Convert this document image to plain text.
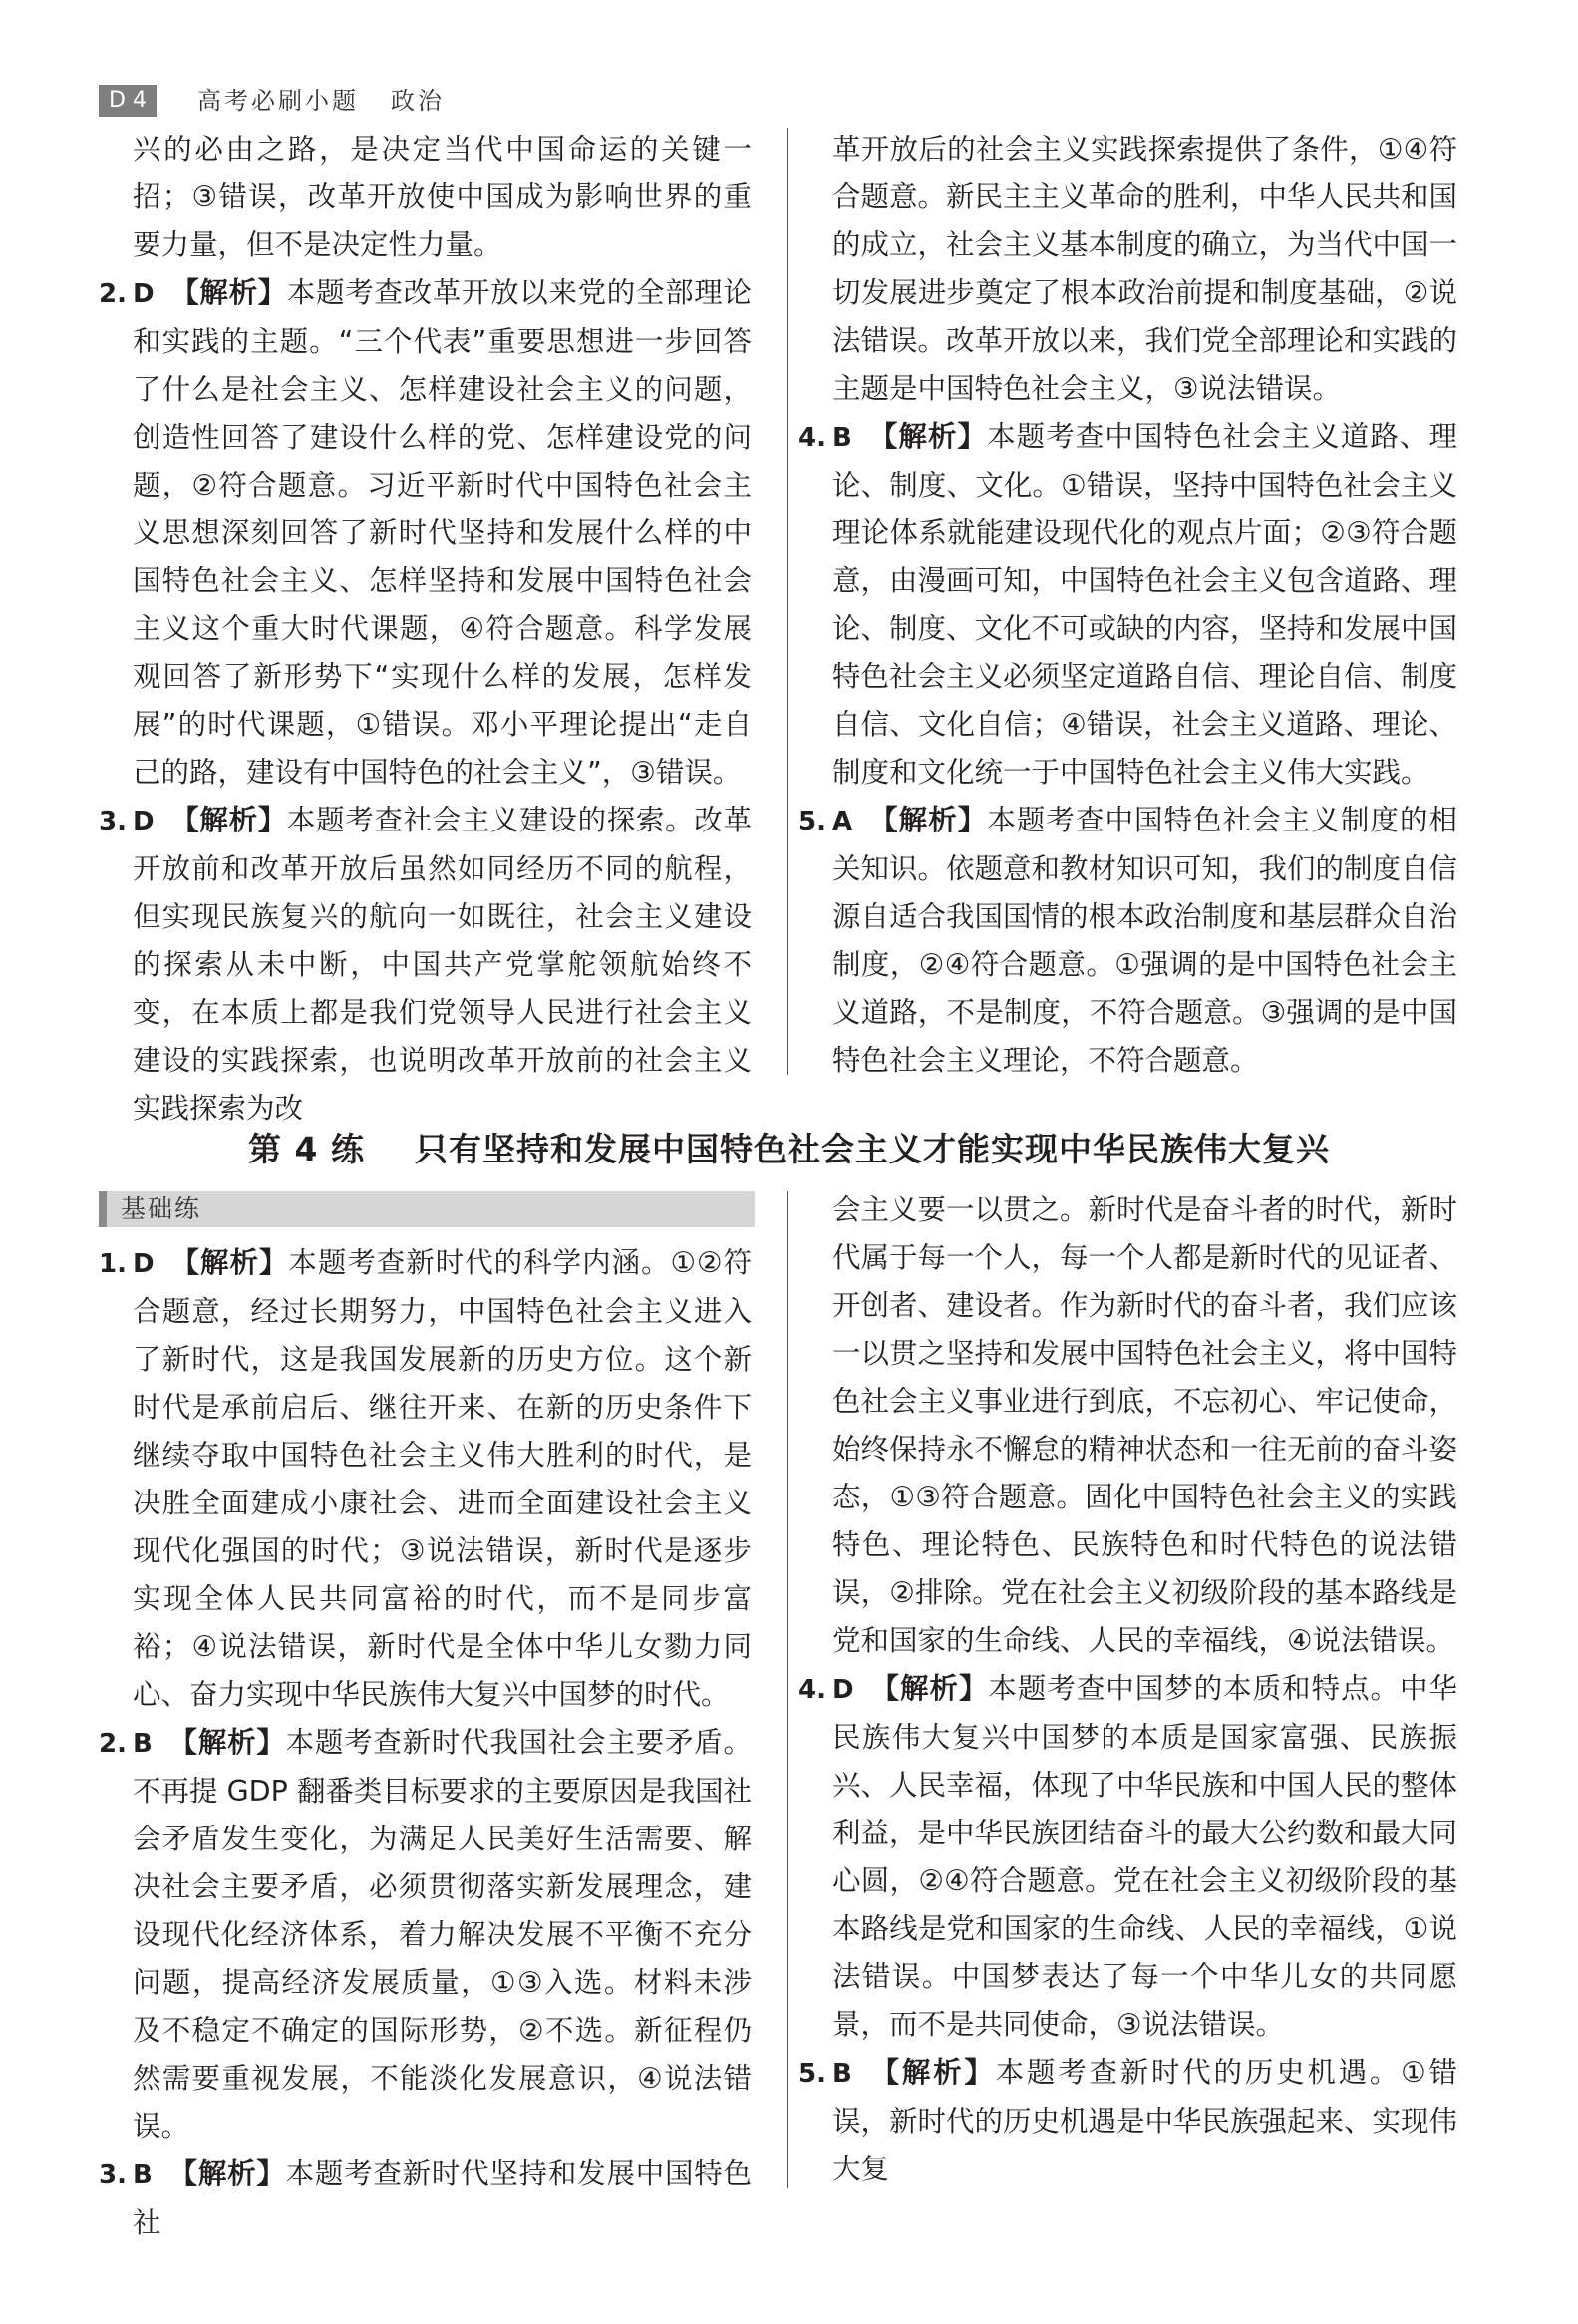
D 4	高考必刷小题   政治

兴的必由之路，是决定当代中国命运的关键一招；③错误，改革开放使中国成为影响世界的重要力量，但不是决定性力量。

2. D 【解析】本题考查改革开放以来党的全部理论和实践的主题。“三个代表”重要思想进一步回答了什么是社会主义、怎样建设社会主义的问题，创造性回答了建设什么样的党、怎样建设党的问题，②符合题意。习近平新时代中国特色社会主义思想深刻回答了新时代坚持和发展什么样的中国特色社会主义、怎样坚持和发展中国特色社会主义这个重大时代课题，④符合题意。科学发展观回答了新形势下“实现什么样的发展，怎样发展”的时代课题，①错误。邓小平理论提出“走自己的路，建设有中国特色的社会主义”，③错误。

3. D 【解析】本题考查社会主义建设的探索。改革开放前和改革开放后虽然如同经历不同的航程，但实现民族复兴的航向一如既往，社会主义建设的探索从未中断，中国共产党掌舵领航始终不变，在本质上都是我们党领导人民进行社会主义建设的实践探索，也说明改革开放前的社会主义实践探索为改

革开放后的社会主义实践探索提供了条件，①④符合题意。新民主主义革命的胜利，中华人民共和国的成立，社会主义基本制度的确立，为当代中国一切发展进步奠定了根本政治前提和制度基础，②说法错误。改革开放以来，我们党全部理论和实践的主题是中国特色社会主义，③说法错误。

4. B 【解析】本题考查中国特色社会主义道路、理论、制度、文化。①错误，坚持中国特色社会主义理论体系就能建设现代化的观点片面；②③符合题意，由漫画可知，中国特色社会主义包含道路、理论、制度、文化不可或缺的内容，坚持和发展中国特色社会主义必须坚定道路自信、理论自信、制度自信、文化自信；④错误，社会主义道路、理论、制度和文化统一于中国特色社会主义伟大实践。

5. A 【解析】本题考查中国特色社会主义制度的相关知识。依题意和教材知识可知，我们的制度自信源自适合我国国情的根本政治制度和基层群众自治制度，②④符合题意。①强调的是中国特色社会主义道路，不是制度，不符合题意。③强调的是中国特色社会主义理论，不符合题意。

第 4 练 只有坚持和发展中国特色社会主义才能实现中华民族伟大复兴
基础练

1. D 【解析】本题考查新时代的科学内涵。①②符合题意，经过长期努力，中国特色社会主义进入了新时代，这是我国发展新的历史方位。这个新时代是承前启后、继往开来、在新的历史条件下继续夺取中国特色社会主义伟大胜利的时代，是决胜全面建成小康社会、进而全面建设社会主义现代化强国的时代；③说法错误，新时代是逐步实现全体人民共同富裕的时代，而不是同步富裕；④说法错误，新时代是全体中华儿女勠力同心、奋力实现中华民族伟大复兴中国梦的时代。

2. B 【解析】本题考查新时代我国社会主要矛盾。不再提 GDP 翻番类目标要求的主要原因是我国社会矛盾发生变化，为满足人民美好生活需要、解决社会主要矛盾，必须贯彻落实新发展理念，建设现代化经济体系，着力解决发展不平衡不充分问题，提高经济发展质量，①③入选。材料未涉及不稳定不确定的国际形势，②不选。新征程仍然需要重视发展，不能淡化发展意识，④说法错误。

3. B 【解析】本题考查新时代坚持和发展中国特色社

会主义要一以贯之。新时代是奋斗者的时代，新时代属于每一个人，每一个人都是新时代的见证者、开创者、建设者。作为新时代的奋斗者，我们应该一以贯之坚持和发展中国特色社会主义，将中国特色社会主义事业进行到底，不忘初心、牢记使命，始终保持永不懈怠的精神状态和一往无前的奋斗姿态，①③符合题意。固化中国特色社会主义的实践特色、理论特色、民族特色和时代特色的说法错误，②排除。党在社会主义初级阶段的基本路线是党和国家的生命线、人民的幸福线，④说法错误。

4. D 【解析】本题考查中国梦的本质和特点。中华民族伟大复兴中国梦的本质是国家富强、民族振兴、人民幸福，体现了中华民族和中国人民的整体利益，是中华民族团结奋斗的最大公约数和最大同心圆，②④符合题意。党在社会主义初级阶段的基本路线是党和国家的生命线、人民的幸福线，①说法错误。中国梦表达了每一个中华儿女的共同愿景，而不是共同使命，③说法错误。

5. B 【解析】本题考查新时代的历史机遇。①错误，新时代的历史机遇是中华民族强起来、实现伟大复
